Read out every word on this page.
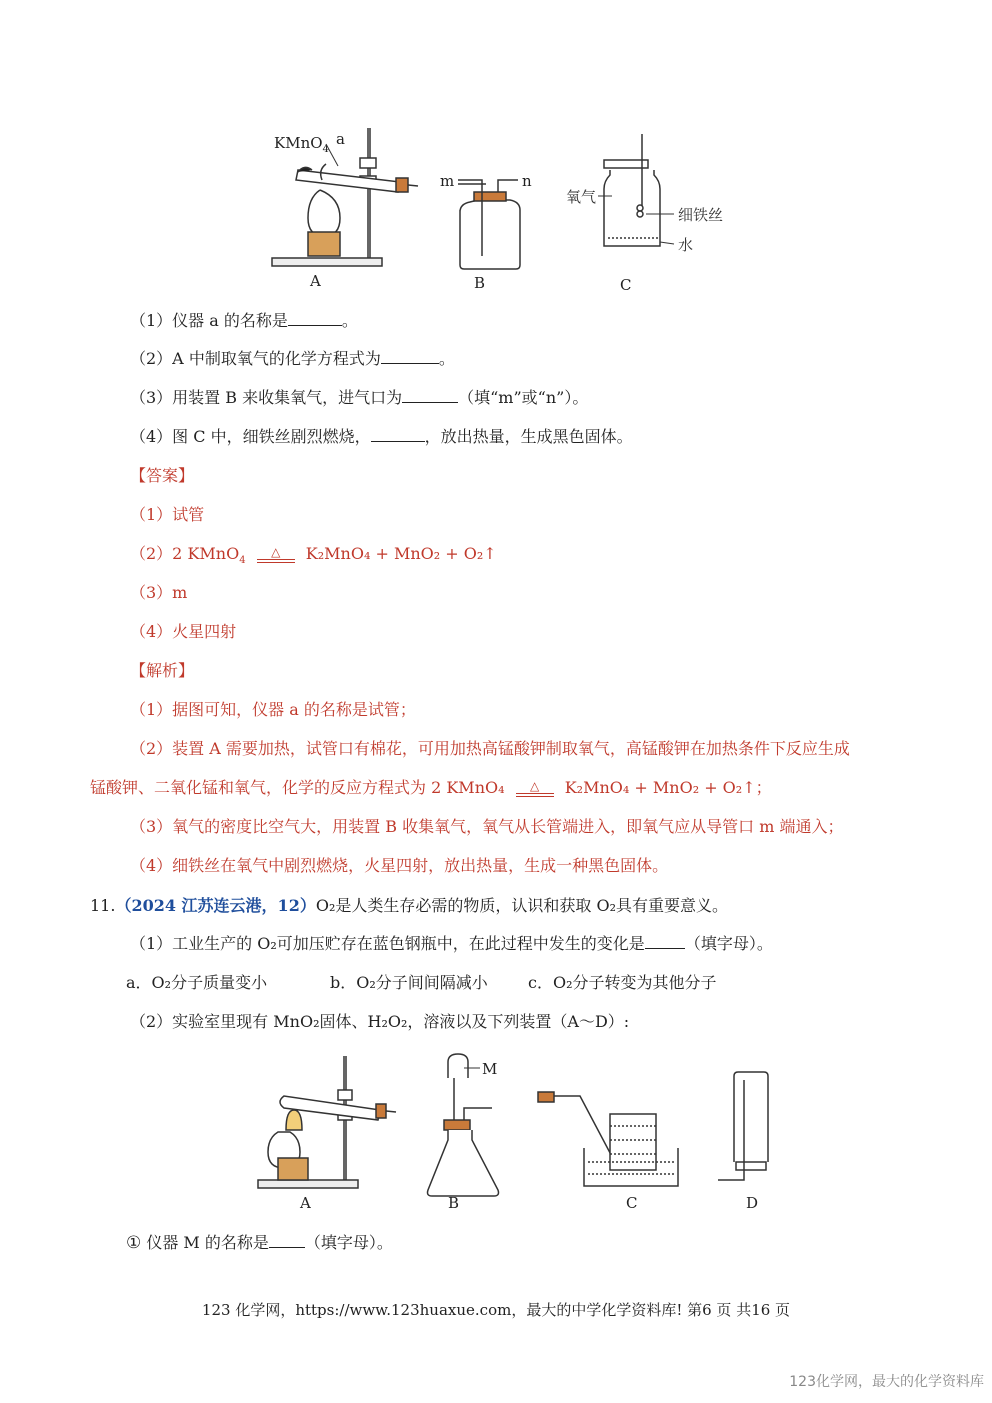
KMnO$_4$
a
A
m	n
B
氧气
细铁丝
水
C
（1）仪器 a 的名称是	。
（2）A 中制取氧气的化学方程式为	。
（3）用装置 B 来收集氧气，进气口为	（填“m”或“n”）。
（4）图 C 中，细铁丝剧烈燃烧，	，放出热量，生成黑色固体。
【答案】
（1）试管
（2）2 KMnO$_4$
△	K₂MnO₄ + MnO₂ + O₂↑
（3）m
（4）火星四射
【解析】
（1）据图可知，仪器 a 的名称是试管；
（2）装置 A 需要加热，试管口有棉花，可用加热高锰酸钾制取氧气，高锰酸钾在加热条件下反应生成
锰酸钾、二氧化锰和氧气，化学的反应方程式为 2 KMnO₄	△	K₂MnO₄ + MnO₂ + O₂↑；
（3）氧气的密度比空气大，用装置 B 收集氧气，氧气从长管端进入，即氧气应从导管口 m 端通入；
（4）细铁丝在氧气中剧烈燃烧，火星四射，放出热量，生成一种黑色固体。
11.（2024 江苏连云港，12）O₂是人类生存必需的物质，认识和获取 O₂具有重要意义。
（1）工业生产的 O₂可加压贮存在蓝色钢瓶中，在此过程中发生的变化是	（填字母）。
a．O₂分子质量变小	b．O₂分子间间隔减小	c．O₂分子转变为其他分子
（2）实验室里现有 MnO₂固体、H₂O₂，溶液以及下列装置（A～D）:
A
M
B	C	D
① 仪器 M 的名称是 （填字母）。
123 化学网，https://www.123huaxue.com，最大的中学化学资料库! 第6 页 共16 页
123化学网，最大的化学资料库
